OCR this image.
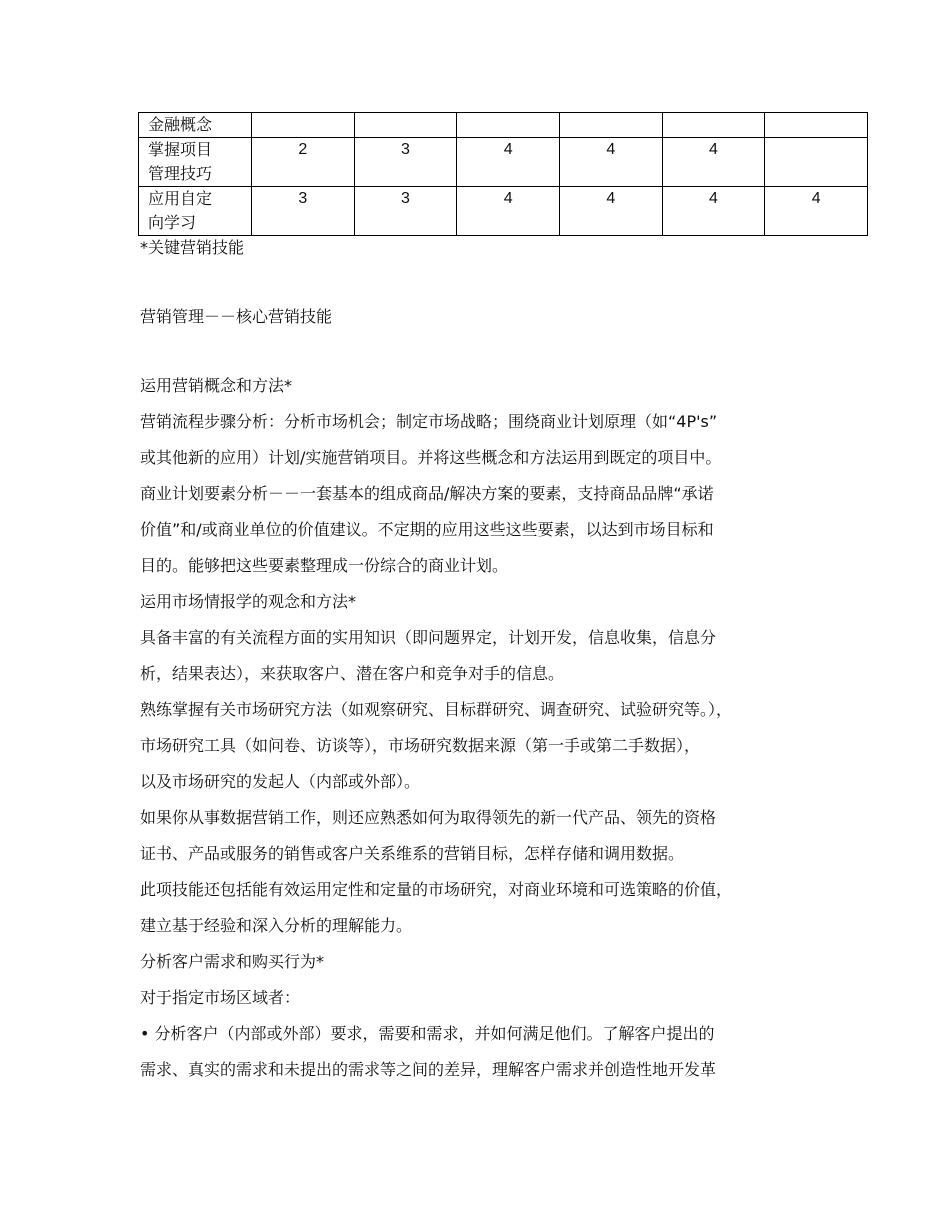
金融概念						

掌握项目
管理技巧	2	3	4	4	4	

应用自定
向学习	3	3	4	4	4	4
*关键营销技能
营销管理－－核心营销技能
运用营销概念和方法*
营销流程步骤分析：分析市场机会；制定市场战略；围绕商业计划原理（如“4P's”
或其他新的应用）计划/实施营销项目。并将这些概念和方法运用到既定的项目中。
商业计划要素分析－－一套基本的组成商品/解决方案的要素，支持商品品牌“承诺
价值”和/或商业单位的价值建议。不定期的应用这些这些要素，以达到市场目标和
目的。能够把这些要素整理成一份综合的商业计划。
运用市场情报学的观念和方法*
具备丰富的有关流程方面的实用知识（即问题界定，计划开发，信息收集，信息分
析，结果表达），来获取客户、潜在客户和竞争对手的信息。
熟练掌握有关市场研究方法（如观察研究、目标群研究、调查研究、试验研究等。），
市场研究工具（如问卷、访谈等），市场研究数据来源（第一手或第二手数据），
以及市场研究的发起人（内部或外部）。
如果你从事数据营销工作，则还应熟悉如何为取得领先的新一代产品、领先的资格
证书、产品或服务的销售或客户关系维系的营销目标，怎样存储和调用数据。
此项技能还包括能有效运用定性和定量的市场研究，对商业环境和可选策略的价值，
建立基于经验和深入分析的理解能力。
分析客户需求和购买行为*
对于指定市场区域者：
• 分析客户（内部或外部）要求，需要和需求，并如何满足他们。了解客户提出的
需求、真实的需求和未提出的需求等之间的差异，理解客户需求并创造性地开发革
